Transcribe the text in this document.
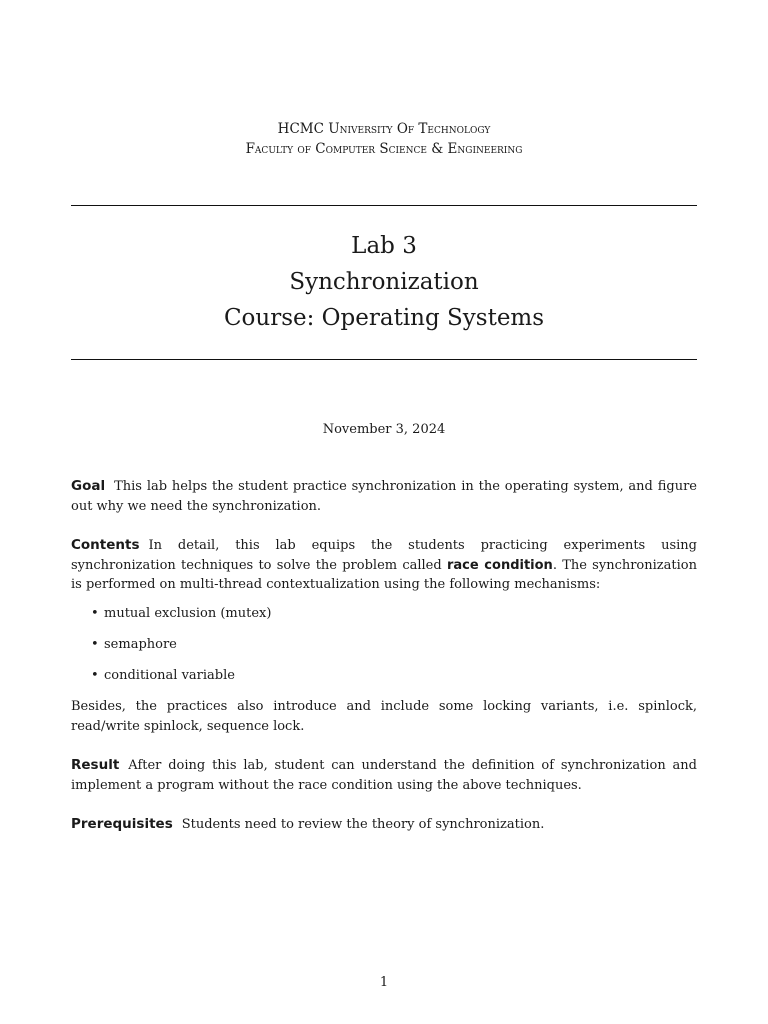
HCMC University Of Technology
Faculty of Computer Science & Engineering
Lab 3
Synchronization
Course: Operating Systems
November 3, 2024
Goal This lab helps the student practice synchronization in the operating system, and figure out why we need the synchronization.
Contents In detail, this lab equips the students practicing experiments using synchronization techniques to solve the problem called race condition. The synchronization is performed on multi-thread contextualization using the following mechanisms:
• mutual exclusion (mutex)
• semaphore
• conditional variable
Besides, the practices also introduce and include some locking variants, i.e. spinlock, read/write spinlock, sequence lock.
Result After doing this lab, student can understand the definition of synchronization and implement a program without the race condition using the above techniques.
Prerequisites Students need to review the theory of synchronization.
1
